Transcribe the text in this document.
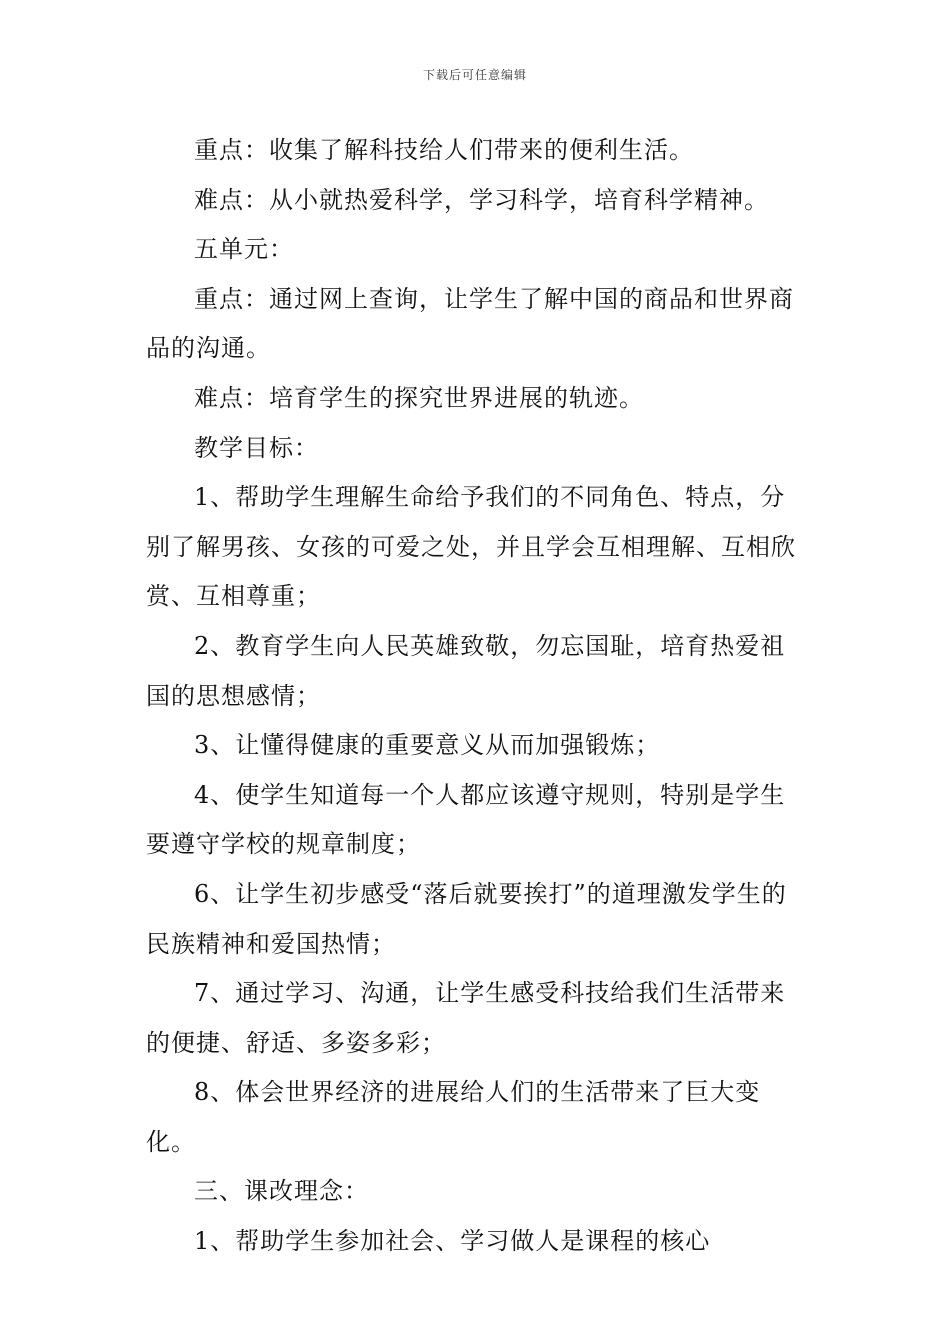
下载后可任意编辑

重点：收集了解科技给人们带来的便利生活。

难点：从小就热爱科学，学习科学，培育科学精神。

五单元：

重点：通过网上查询，让学生了解中国的商品和世界商品的沟通。

难点：培育学生的探究世界进展的轨迹。

教学目标：

1、帮助学生理解生命给予我们的不同角色、特点，分别了解男孩、女孩的可爱之处，并且学会互相理解、互相欣赏、互相尊重；

2、教育学生向人民英雄致敬，勿忘国耻，培育热爱祖国的思想感情；

3、让懂得健康的重要意义从而加强锻炼；

4、使学生知道每一个人都应该遵守规则，特别是学生要遵守学校的规章制度；

6、让学生初步感受“落后就要挨打”的道理激发学生的民族精神和爱国热情；

7、通过学习、沟通，让学生感受科技给我们生活带来的便捷、舒适、多姿多彩；

8、体会世界经济的进展给人们的生活带来了巨大变化。

三、课改理念：

1、帮助学生参加社会、学习做人是课程的核心
